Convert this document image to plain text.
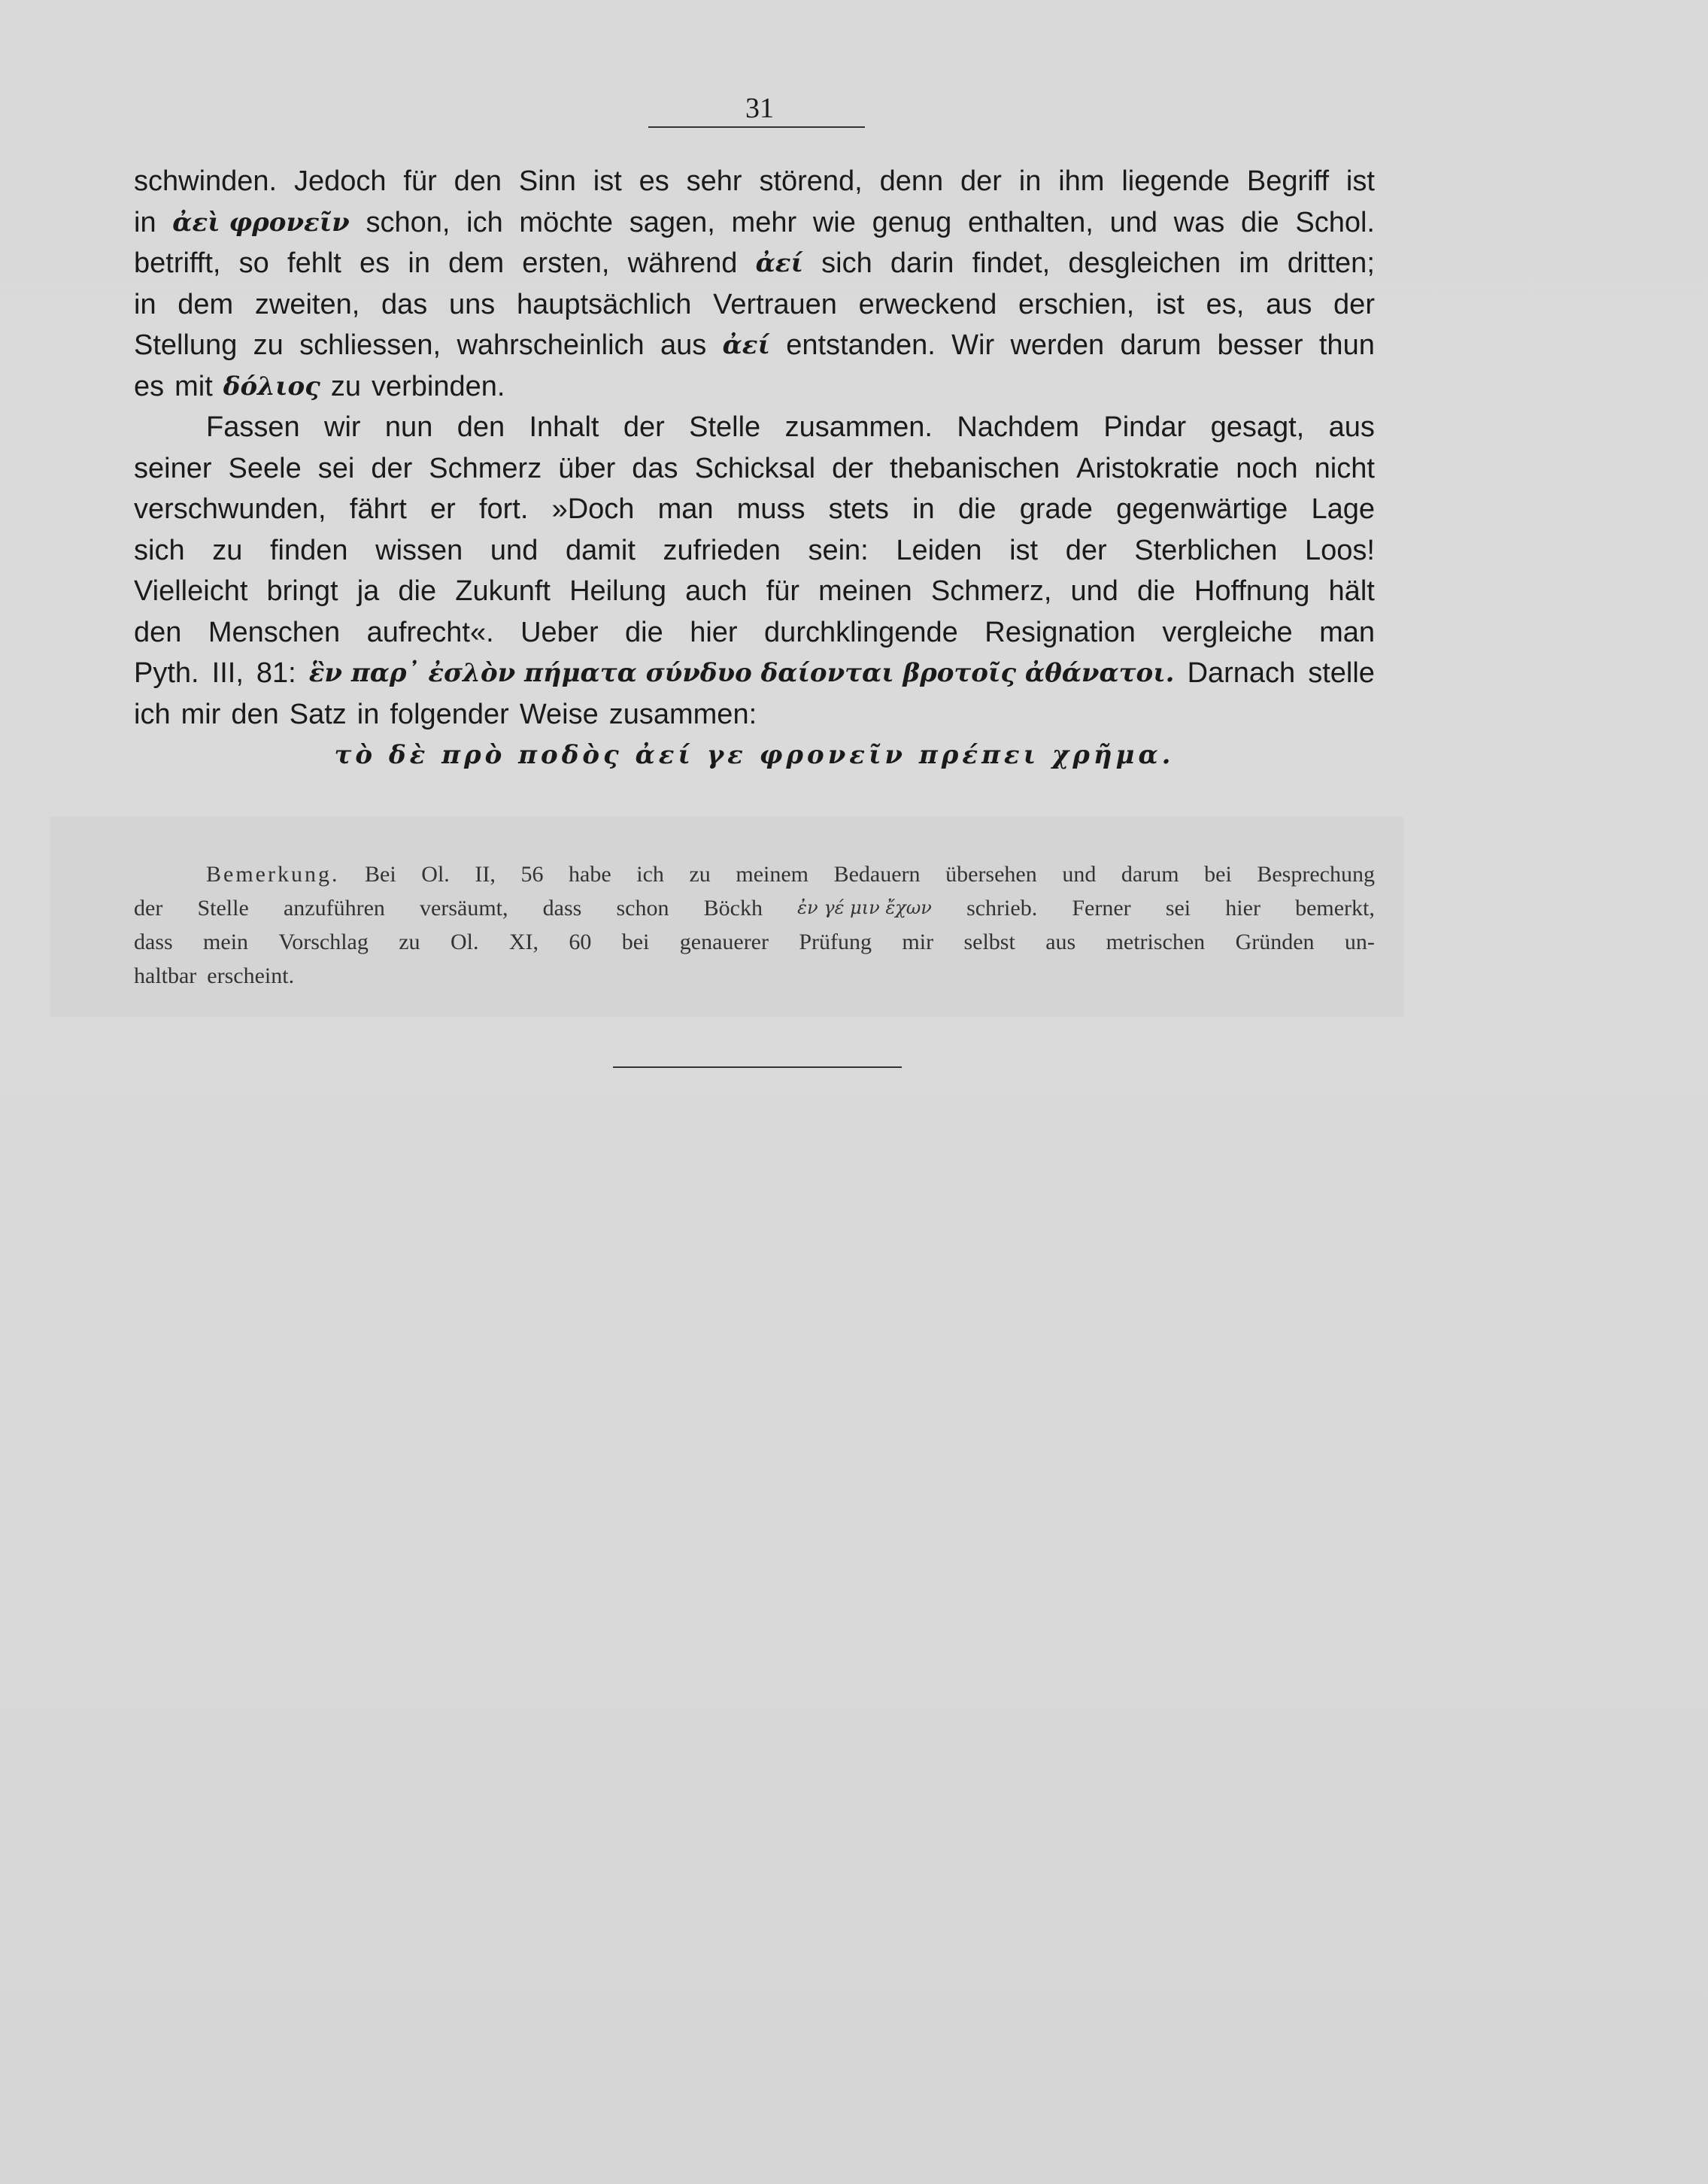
31
schwinden. Jedoch für den Sinn ist es sehr störend, denn der in ihm liegende Begriff ist
in ἀεὶ φρονεῖν schon, ich möchte sagen, mehr wie genug enthalten, und was die Schol.
betrifft, so fehlt es in dem ersten, während ἀεί sich darin findet, desgleichen im dritten;
in dem zweiten, das uns hauptsächlich Vertrauen erweckend erschien, ist es, aus der
Stellung zu schliessen, wahrscheinlich aus ἀεί entstanden. Wir werden darum besser thun
es mit δόλιος zu verbinden.
Fassen wir nun den Inhalt der Stelle zusammen. Nachdem Pindar gesagt, aus
seiner Seele sei der Schmerz über das Schicksal der thebanischen Aristokratie noch nicht
verschwunden, fährt er fort. »Doch man muss stets in die grade gegenwärtige Lage
sich zu finden wissen und damit zufrieden sein: Leiden ist der Sterblichen Loos!
Vielleicht bringt ja die Zukunft Heilung auch für meinen Schmerz, und die Hoffnung hält
den Menschen aufrecht«. Ueber die hier durchklingende Resignation vergleiche man
Pyth. III, 81: ἓν παρ᾽ ἐσλὸν πήματα σύνδυο δαίονται βροτοῖς ἀθάνατοι. Darnach stelle
ich mir den Satz in folgender Weise zusammen:
τὸ δὲ πρὸ ποδὸς ἀεί γε φρονεῖν πρέπει χρῆμα.
Bemerkung. Bei Ol. II, 56 habe ich zu meinem Bedauern übersehen und darum bei Besprechung
der Stelle anzuführen versäumt, dass schon Böckh ἐν γέ μιν ἔχων schrieb. Ferner sei hier bemerkt,
dass mein Vorschlag zu Ol. XI, 60 bei genauerer Prüfung mir selbst aus metrischen Gründen un-
haltbar erscheint.
